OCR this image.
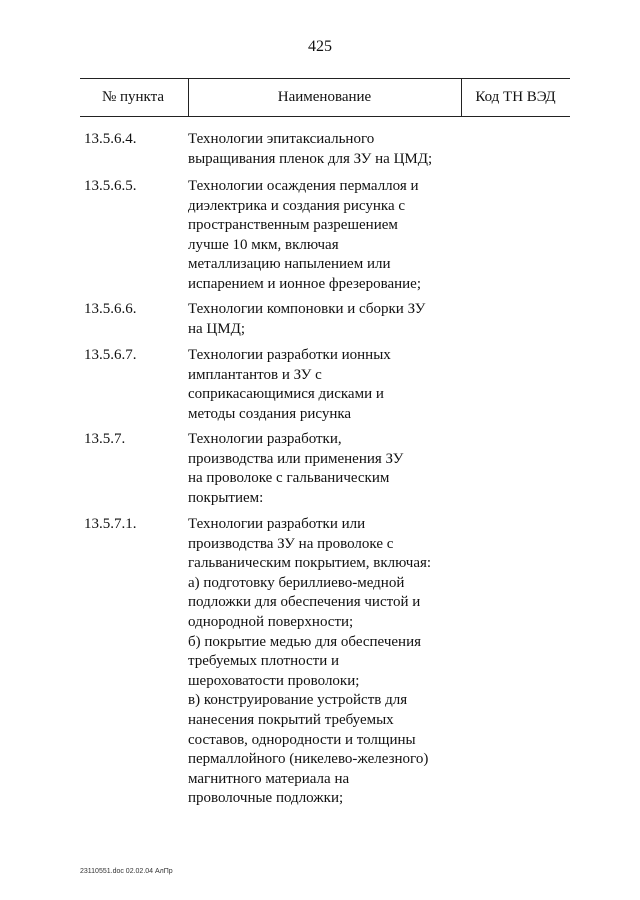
425
№ пункта	Наименование	Код ТН ВЭД
13.5.6.4.	Технологии эпитаксиального
выращивания пленок для ЗУ на ЦМД;
13.5.6.5.	Технологии осаждения пермаллоя и
диэлектрика и создания рисунка с
пространственным разрешением
лучше 10 мкм, включая
металлизацию напылением или
испарением и ионное фрезерование;
13.5.6.6.	Технологии компоновки и сборки ЗУ
на ЦМД;
13.5.6.7.	Технологии разработки ионных
имплантантов и ЗУ с
соприкасающимися дисками и
методы создания рисунка
13.5.7.	Технологии разработки,
производства или применения ЗУ
на проволоке с гальваническим
покрытием:
13.5.7.1.	Технологии разработки или
производства ЗУ на проволоке с
гальваническим покрытием, включая:
а) подготовку бериллиево-медной
подложки для обеспечения чистой и
однородной поверхности;
б) покрытие медью для обеспечения
требуемых плотности и
шероховатости проволоки;
в) конструирование устройств для
нанесения покрытий требуемых
составов, однородности и толщины
пермаллойного (никелево-железного)
магнитного материала на
проволочные подложки;
23110551.doc 02.02.04 АлПр
